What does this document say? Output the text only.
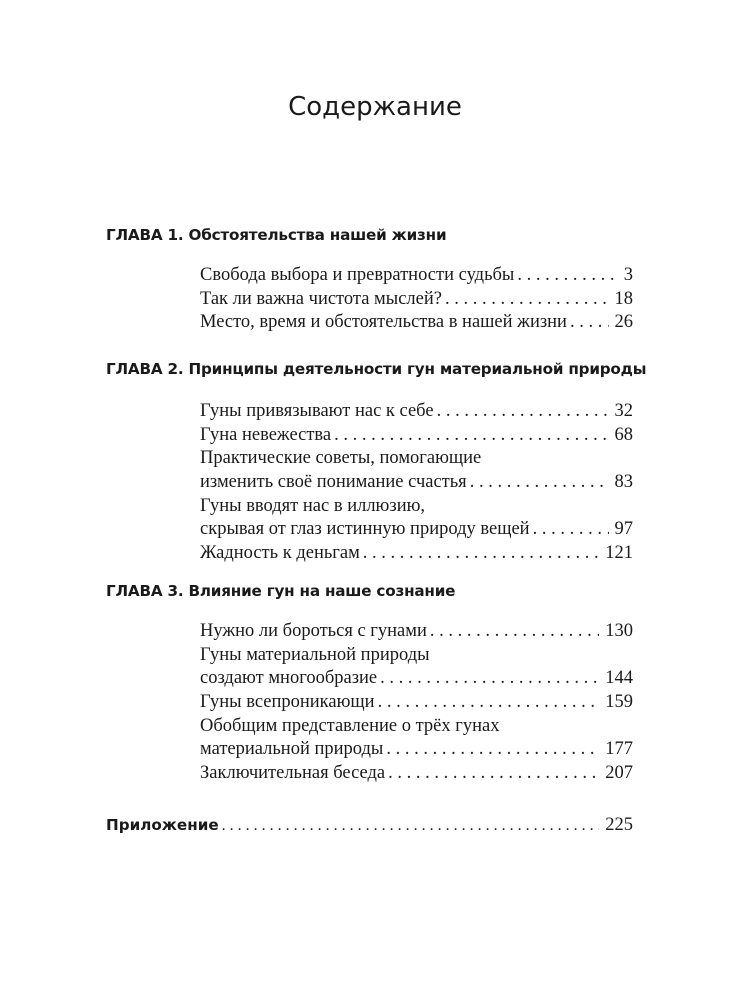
Содержание
ГЛАВА 1. Обстоятельства нашей жизни
Свобода выбора и превратности судьбы . . .	3
Так ли важна чистота мыслей? . . .	18
Место, время и обстоятельства в нашей жизни . . .	26
ГЛАВА 2. Принципы деятельности гун материальной природы
Гуны привязывают нас к себе . . .	32
Гуна невежества . . .	68
Практические советы, помогающие
изменить своё понимание счастья . . .	83
Гуны вводят нас в иллюзию,
скрывая от глаз истинную природу вещей . . .	97
Жадность к деньгам . . .	121
ГЛАВА 3. Влияние гун на наше сознание
Нужно ли бороться с гунами . . .	130
Гуны материальной природы
создают многообразие . . .	144
Гуны всепроникающи . . .	159
Обобщим представление о трёх гунах
материальной природы . . .	177
Заключительная беседа . . .	207
Приложение . . .	225
